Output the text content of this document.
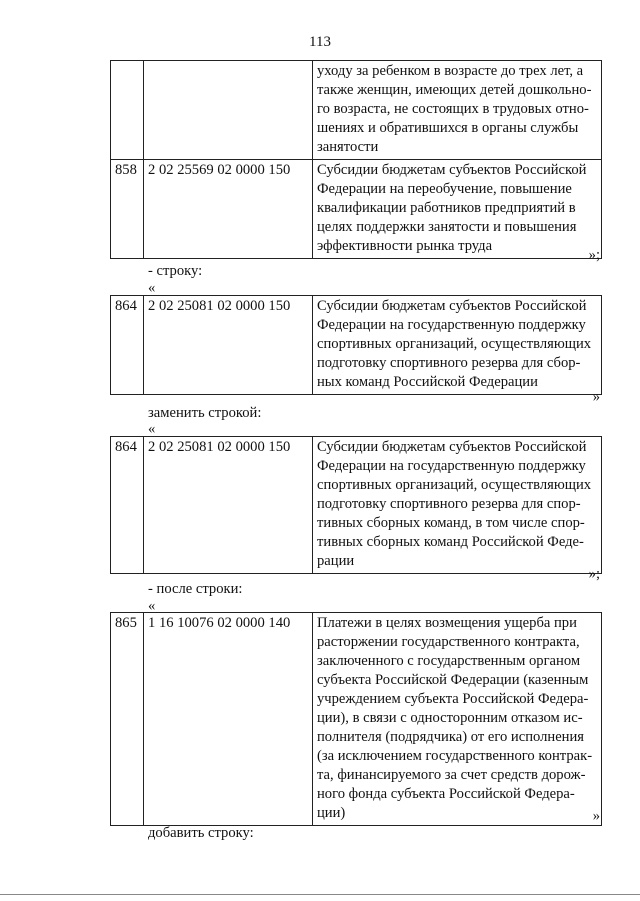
113

		уходу за ребенком в возрасте до трех лет, а
также женщин, имеющих детей дошкольно-
го возраста, не состоящих в трудовых отно-
шениях и обратившихся в органы службы
занятости

858	2 02 25569 02 0000 150	Субсидии бюджетам субъектов Российской
Федерации на переобучение, повышение
квалификации работников предприятий в
целях поддержки занятости и повышения
эффективности рынка труда
»;
- строку:
«
864	2 02 25081 02 0000 150	Субсидии бюджетам субъектов Российской
Федерации на государственную поддержку
спортивных организаций, осуществляющих
подготовку спортивного резерва для сбор-
ных команд Российской Федерации
»
заменить строкой:
«
864	2 02 25081 02 0000 150	Субсидии бюджетам субъектов Российской
Федерации на государственную поддержку
спортивных организаций, осуществляющих
подготовку спортивного резерва для спор-
тивных сборных команд, в том числе спор-
тивных сборных команд Российской Феде-
рации
»;
- после строки:
«
865	1 16 10076 02 0000 140	Платежи в целях возмещения ущерба при
расторжении государственного контракта,
заключенного с государственным органом
субъекта Российской Федерации (казенным
учреждением субъекта Российской Федера-
ции), в связи с односторонним отказом ис-
полнителя (подрядчика) от его исполнения
(за исключением государственного контрак-
та, финансируемого за счет средств дорож-
ного фонда субъекта Российской Федера-
ции)	»
добавить строку:
